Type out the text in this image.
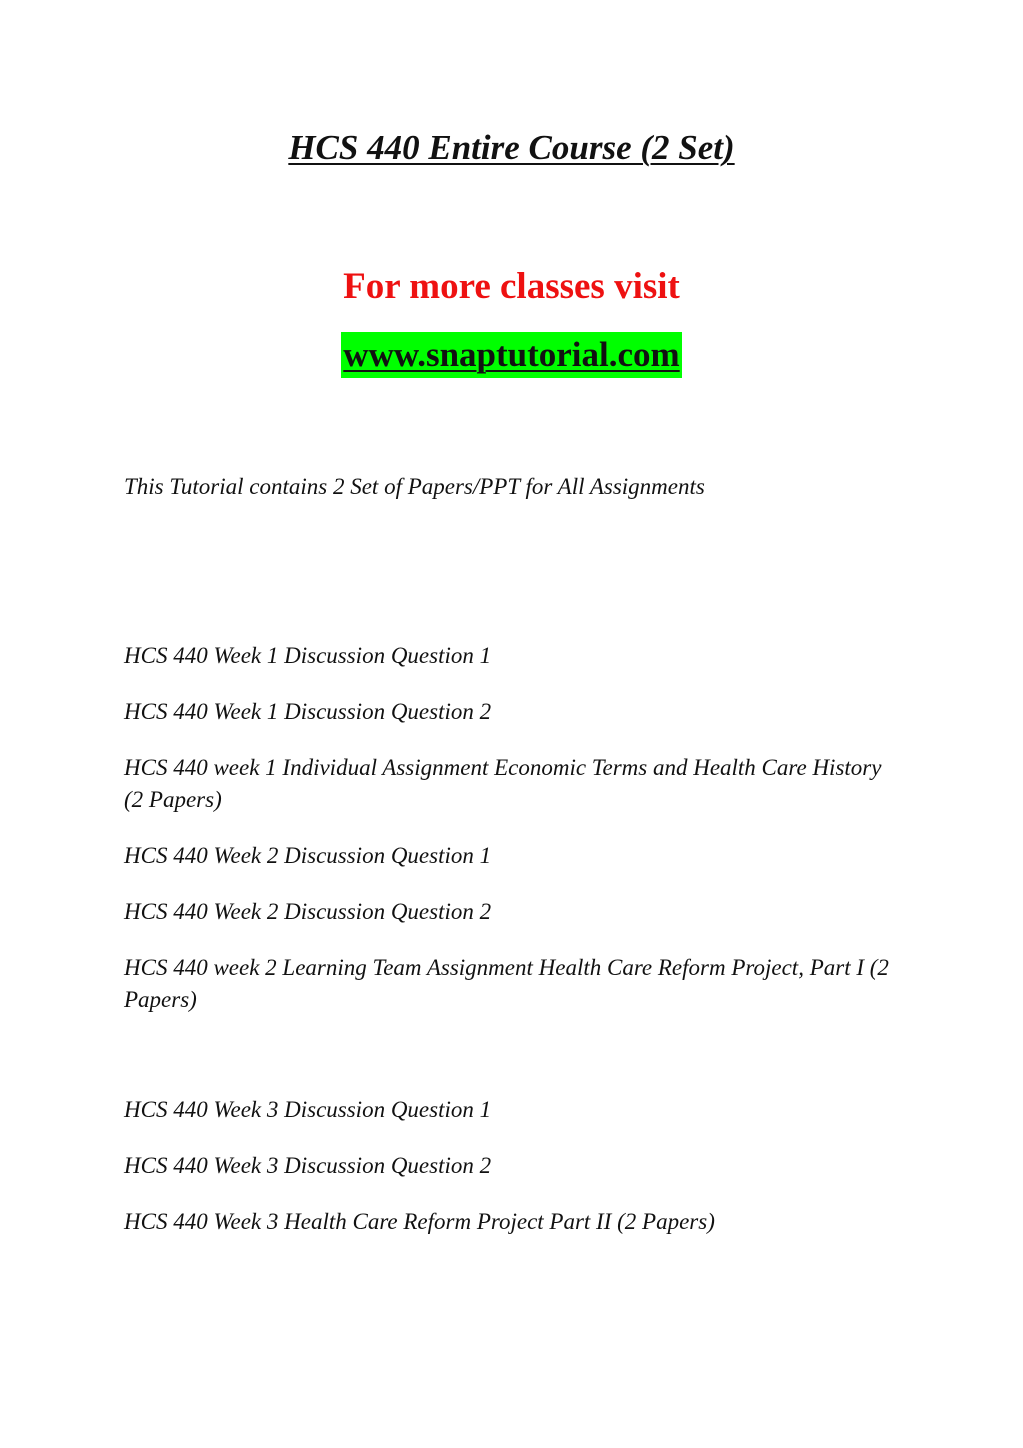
HCS 440 Entire Course (2 Set)
For more classes visit
www.snaptutorial.com
This Tutorial contains 2 Set of Papers/PPT for All Assignments
HCS 440 Week 1 Discussion Question 1
HCS 440 Week 1 Discussion Question 2
HCS 440 week 1 Individual Assignment Economic Terms and Health Care History (2 Papers)
HCS 440 Week 2 Discussion Question 1
HCS 440 Week 2 Discussion Question 2
HCS 440 week 2 Learning Team Assignment Health Care Reform Project, Part I (2 Papers)
HCS 440 Week 3 Discussion Question 1
HCS 440 Week 3 Discussion Question 2
HCS 440 Week 3 Health Care Reform Project Part II (2 Papers)
